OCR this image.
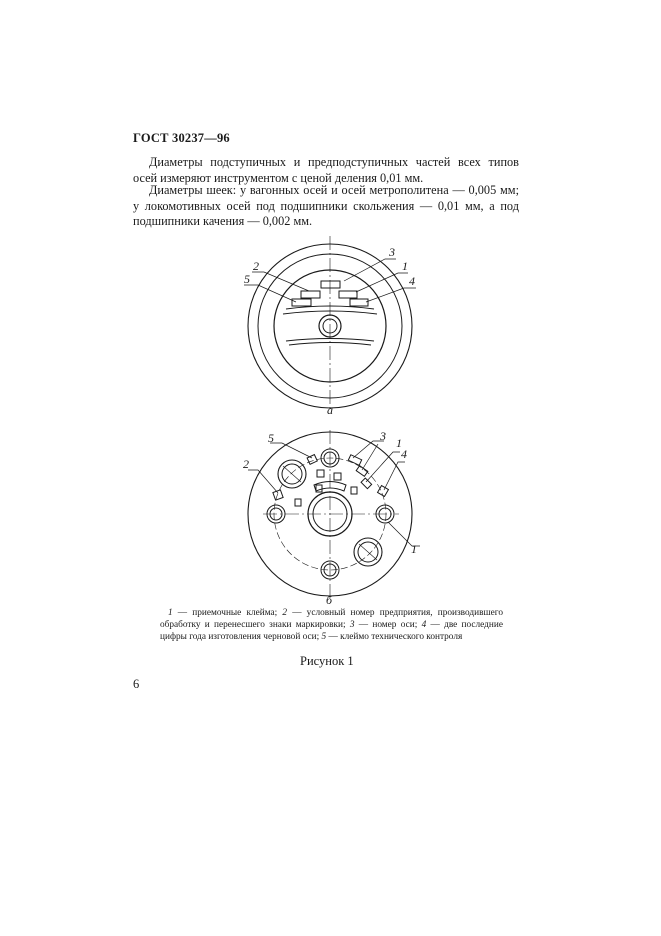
ГОСТ 30237—96

Диаметры подступичных и предподступичных частей всех типов
осей измеряют инструментом с ценой деления 0,01 мм.

Диаметры шеек: у вагонных осей и осей метрополитена — 0,005 мм;
у локомотивных осей под подшипники скольжения — 0,01 мм, а под
подшипники качения — 0,002 мм.

3
2	1
5	4
а
5	3 1
4
2
1
б

1 — приемочные клейма; 2 — условный номер предприятия, производившего
обработку и перенесшего знаки маркировки; 3 — номер оси; 4 — две последние
цифры года изготовления черновой оси; 5 — клеймо технического контроля

Рисунок 1
6
